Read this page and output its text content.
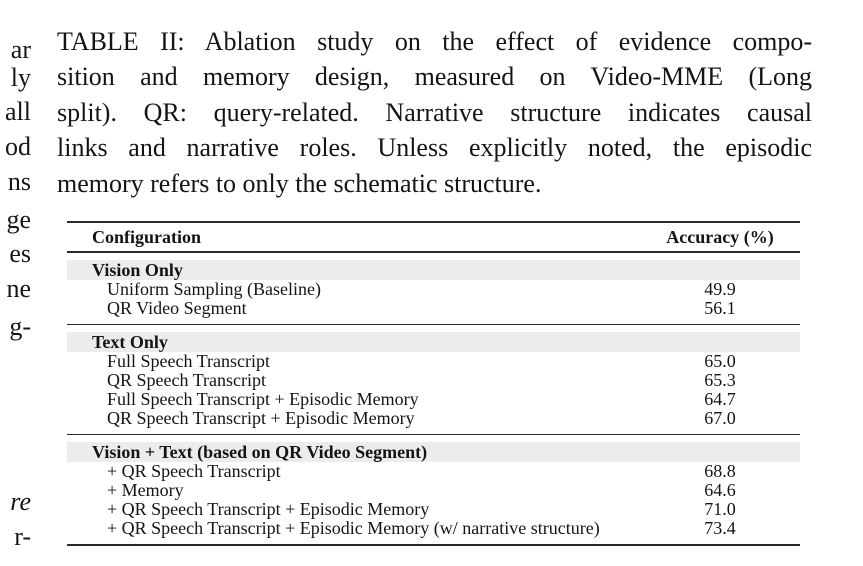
ar
ly
all
od
ns
ge
es
ne
g-
re
r-
TABLE II: Ablation study on the effect of evidence compo-
sition and memory design, measured on Video-MME (Long
split). QR: query-related. Narrative structure indicates causal
links and narrative roles. Unless explicitly noted, the episodic
memory refers to only the schematic structure.
Configuration	Accuracy (%)
Vision Only
Uniform Sampling (Baseline)	49.9
QR Video Segment	56.1
Text Only
Full Speech Transcript	65.0
QR Speech Transcript	65.3
Full Speech Transcript + Episodic Memory	64.7
QR Speech Transcript + Episodic Memory	67.0
Vision + Text (based on QR Video Segment)
+ QR Speech Transcript	68.8
+ Memory	64.6
+ QR Speech Transcript + Episodic Memory	71.0
+ QR Speech Transcript + Episodic Memory (w/ narrative structure)	73.4
